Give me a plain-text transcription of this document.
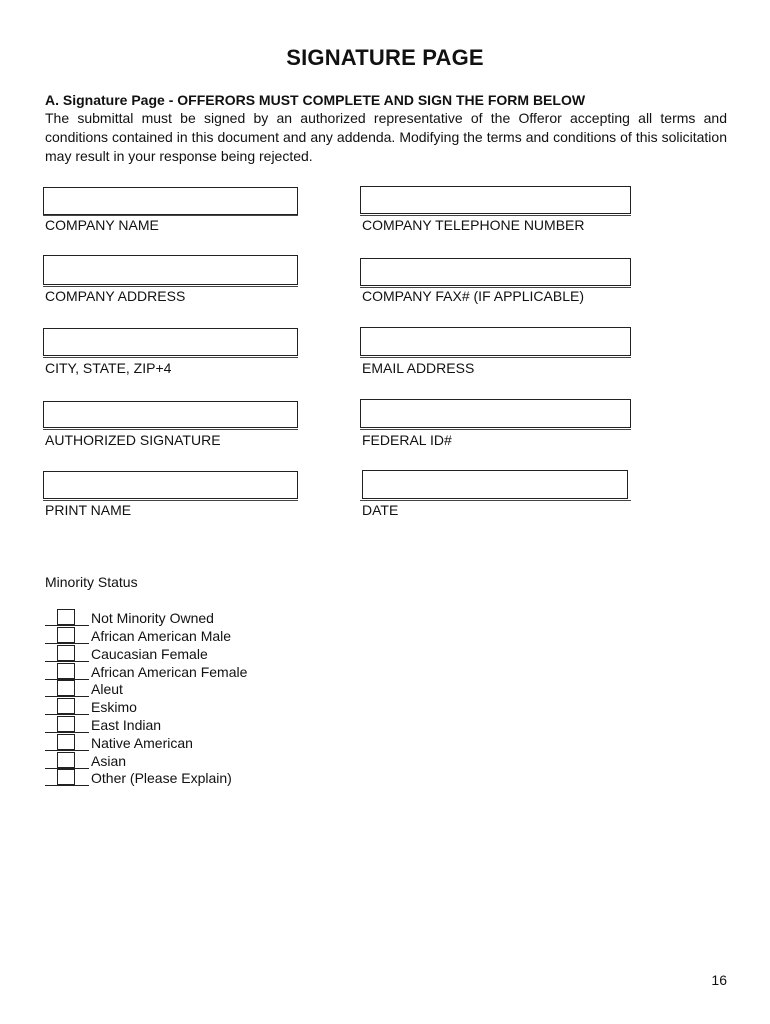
SIGNATURE PAGE
A. Signature Page - OFFERORS MUST COMPLETE AND SIGN THE FORM BELOW
The submittal must be signed by an authorized representative of the Offeror accepting all terms and conditions contained in this document and any addenda. Modifying the terms and conditions of this solicitation may result in your response being rejected.
COMPANY NAME	COMPANY TELEPHONE NUMBER
COMPANY ADDRESS	COMPANY FAX# (IF APPLICABLE)
CITY, STATE, ZIP+4	EMAIL ADDRESS
AUTHORIZED SIGNATURE	FEDERAL ID#
PRINT NAME	DATE
Minority Status
Not Minority Owned
African American Male
Caucasian Female
African American Female
Aleut
Eskimo
East Indian
Native American
Asian
Other (Please Explain)
16
